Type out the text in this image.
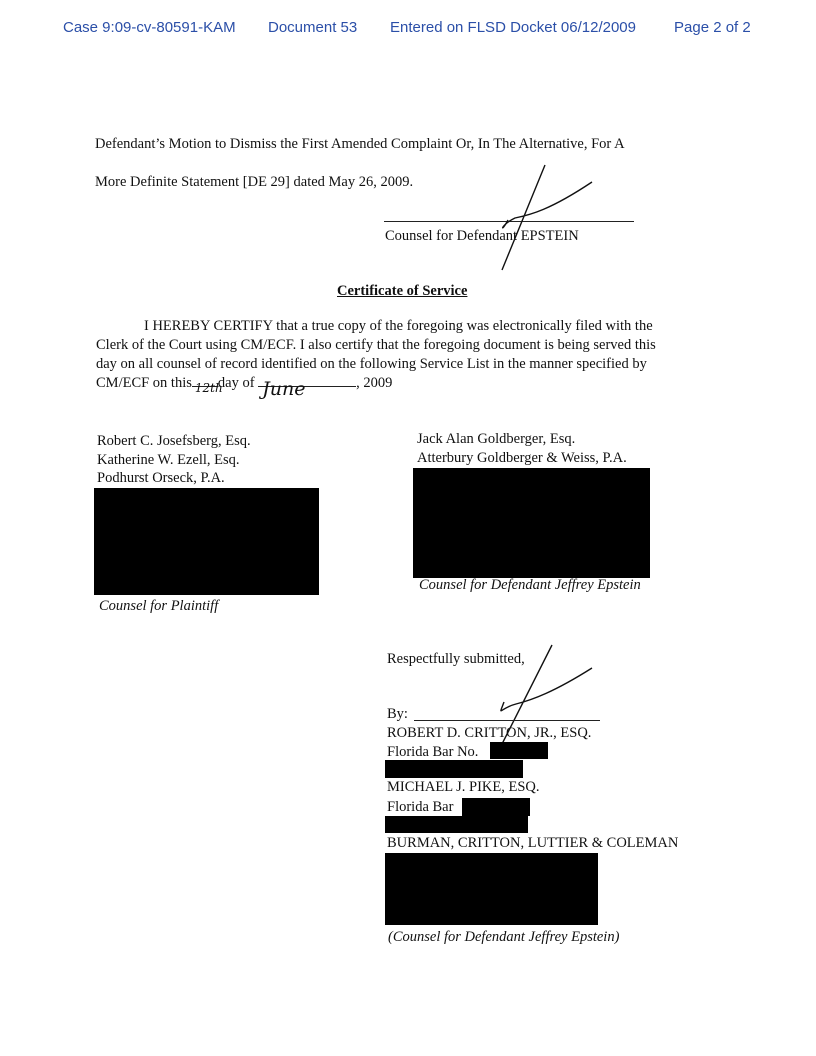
Case 9:09-cv-80591-KAM Document 53 Entered on FLSD Docket 06/12/2009	Page 2 of 2
Defendant’s Motion to Dismiss the First Amended Complaint Or, In The Alternative, For A
More Definite Statement [DE 29] dated May 26, 2009.
Counsel for Defendant EPSTEIN
Certificate of Service
I HEREBY CERTIFY that a true copy of the foregoing was electronically filed with the
Clerk of the Court using CM/ECF. I also certify that the foregoing document is being served this
day on all counsel of record identified on the following Service List in the manner specified by
CM/ECF on this 12th
day of June	, 2009
Robert C. Josefsberg, Esq.
Katherine W. Ezell, Esq.
Podhurst Orseck, P.A.
Counsel for Plaintiff
Jack Alan Goldberger, Esq.
Atterbury Goldberger & Weiss, P.A.
Counsel for Defendant Jeffrey Epstein
Respectfully submitted,
By:
ROBERT D. CRITTON, JR., ESQ.
Florida Bar No.
MICHAEL J. PIKE, ESQ.
Florida Bar
BURMAN, CRITTON, LUTTIER & COLEMAN
(Counsel for Defendant Jeffrey Epstein)
